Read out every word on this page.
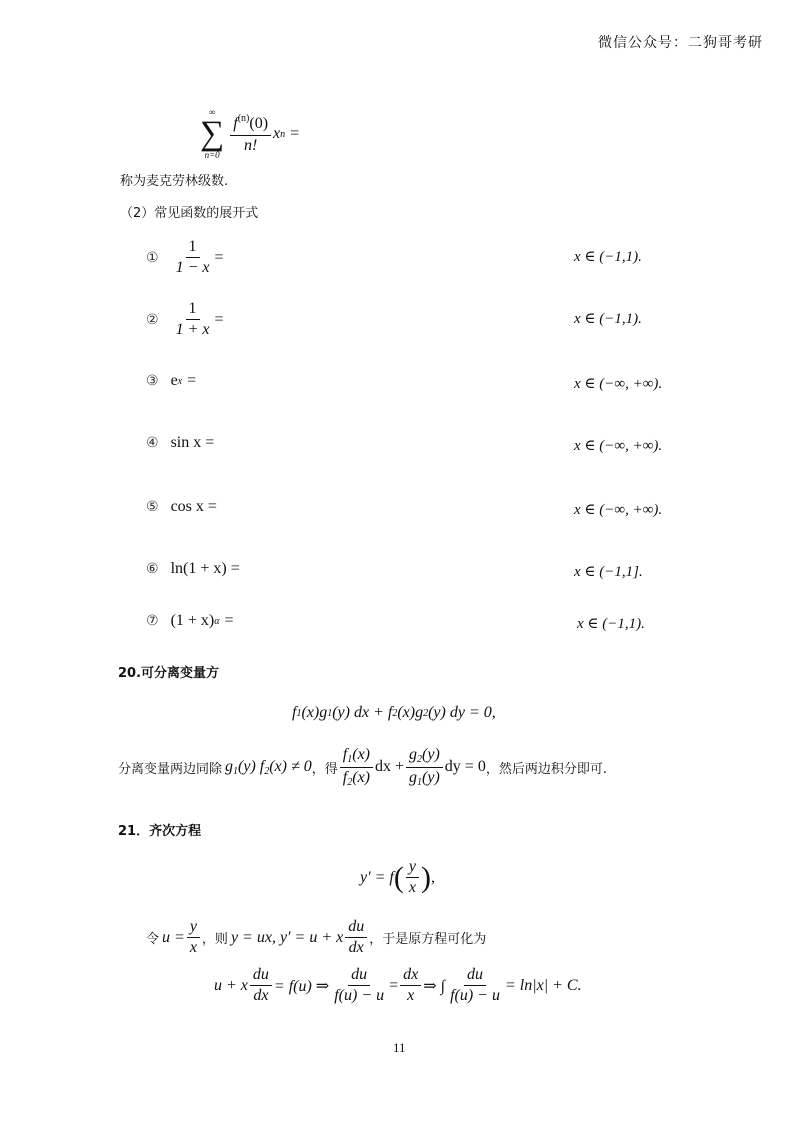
微信公众号：二狗哥考研
∞
∑
n=0
$\frac{f^{(n)}(0)}{n!}$ x n =
称为麦克劳林级数.
（2）常见函数的展开式
① $\frac{1}{1 - x}$ =	x ∈ (−1,1).
② $\frac{1}{1 + x}$ =	x ∈ (−1,1).
③ e x =	x ∈ (−∞, +∞).
④ sin x =	x ∈ (−∞, +∞).
⑤ cos x =	x ∈ (−∞, +∞).
⑥ ln(1 + x) =	x ∈ (−1,1].
⑦ (1 + x) α =	x ∈ (−1,1).
20.可分离变量方
f 1 (x)g 1 (y) dx + f 2 (x)g 2 (y) dy = 0,
分离变量两边同除 $g_1(y) f_2(x) \ne 0$ ，得 $\frac{f_1(x)}{f_2(x)}$ dx + $\frac{g_2(y)}{g_1(y)}$ dy = 0 ，然后两边积分即可.
21．齐次方程
y′ = f ( $\frac{y}{x}$ ) ,
令 $u = \frac{y}{x}$ ，则 y = ux, y′ = u + x $\frac{du}{dx}$ ，于是原方程可化为
u + x $\frac{du}{dx} = f(u)$ ⇒ $\frac{du}{f(u) - u} = \frac{dx}{x}$ ⇒ ∫ $\frac{du}{f(u) - u} = \ln|x| + C$.
11
